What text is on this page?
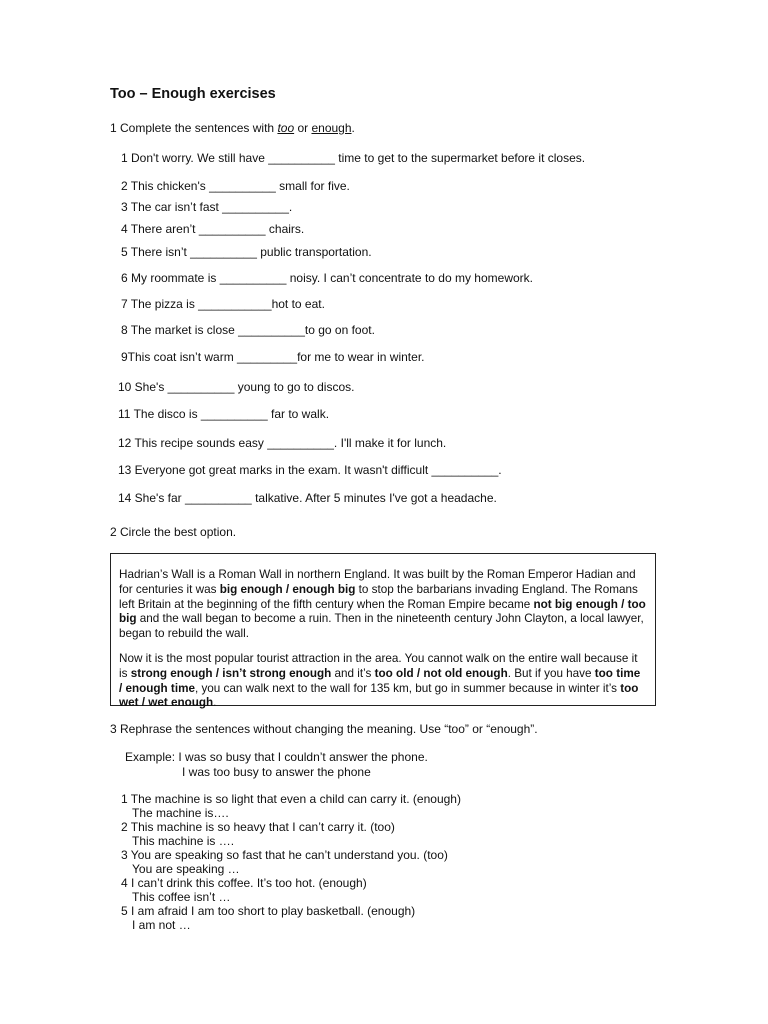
Too – Enough exercises
1 Complete the sentences with too or enough.
1 Don't worry. We still have __________ time to get to the supermarket before it closes.
2 This chicken's __________ small for five.
3 The car isn’t fast __________.
4 There aren’t __________ chairs.
5 There isn’t __________ public transportation.
6 My roommate is __________ noisy. I can’t concentrate to do my homework.
7 The pizza is ___________hot to eat.
8 The market is close __________to go on foot.
9This coat isn’t warm _________for me to wear in winter.
10 She's __________ young to go to discos.
11 The disco is __________ far to walk.
12 This recipe sounds easy __________. I'll make it for lunch.
13 Everyone got great marks in the exam. It wasn't difficult __________.
14 She's far __________ talkative. After 5 minutes I've got a headache.
2 Circle the best option.

Hadrian’s Wall is a Roman Wall in northern England. It was built by the Roman Emperor Hadian and for centuries it was big enough / enough big to stop the barbarians invading England. The Romans left Britain at the beginning of the fifth century when the Roman Empire became not big enough / too big and the wall began to become a ruin. Then in the nineteenth century John Clayton, a local lawyer, began to rebuild the wall.

Now it is the most popular tourist attraction in the area. You cannot walk on the entire wall because it is strong enough / isn’t strong enough and it’s too old / not old enough. But if you have too time / enough time, you can walk next to the wall for 135 km, but go in summer because in winter it’s too wet / wet enough.

3 Rephrase the sentences without changing the meaning. Use “too” or “enough”.
Example: I was so busy that I couldn’t answer the phone.
I was too busy to answer the phone
1 The machine is so light that even a child can carry it. (enough)
The machine is….
2 This machine is so heavy that I can’t carry it. (too)
This machine is ….
3 You are speaking so fast that he can’t understand you. (too)
You are speaking …
4 I can’t drink this coffee. It’s too hot. (enough)
This coffee isn’t …
5 I am afraid I am too short to play basketball. (enough)
I am not …
